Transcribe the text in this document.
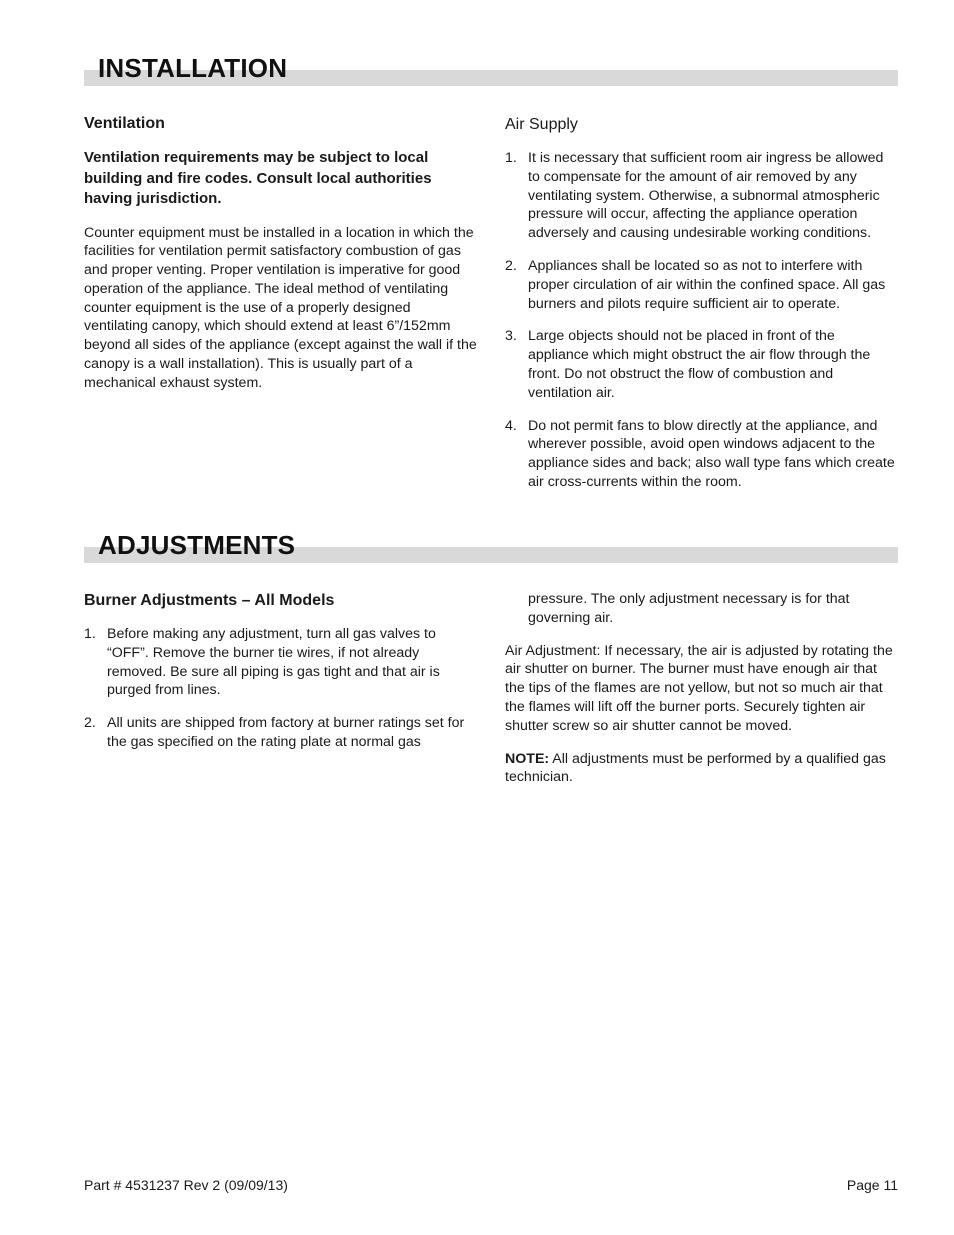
INSTALLATION
Ventilation
Ventilation requirements may be subject to local building and fire codes. Consult local authorities having jurisdiction.

Counter equipment must be installed in a location in which the facilities for ventilation permit satisfactory combustion of gas and proper venting. Proper ventilation is imperative for good operation of the appliance. The ideal method of ventilating counter equipment is the use of a properly designed ventilating canopy, which should extend at least 6”/152mm beyond all sides of the appliance (except against the wall if the canopy is a wall installation). This is usually part of a mechanical exhaust system.

Air Supply
1. It is necessary that sufficient room air ingress be allowed to compensate for the amount of air removed by any ventilating system. Otherwise, a subnormal atmospheric pressure will occur, affecting the appliance operation adversely and causing undesirable working conditions.
2. Appliances shall be located so as not to interfere with proper circulation of air within the confined space. All gas burners and pilots require sufficient air to operate.
3. Large objects should not be placed in front of the appliance which might obstruct the air flow through the front. Do not obstruct the flow of combustion and ventilation air.
4. Do not permit fans to blow directly at the appliance, and wherever possible, avoid open windows adjacent to the appliance sides and back; also wall type fans which create air cross-currents within the room.
ADJUSTMENTS
Burner Adjustments – All Models
1. Before making any adjustment, turn all gas valves to “OFF”. Remove the burner tie wires, if not already removed. Be sure all piping is gas tight and that air is purged from lines.
2. All units are shipped from factory at burner ratings set for the gas specified on the rating plate at normal gas
pressure. The only adjustment necessary is for that governing air.

Air Adjustment: If necessary, the air is adjusted by rotating the air shutter on burner. The burner must have enough air that the tips of the flames are not yellow, but not so much air that the flames will lift off the burner ports. Securely tighten air shutter screw so air shutter cannot be moved.

NOTE: All adjustments must be performed by a qualified gas technician.

Part # 4531237 Rev 2 (09/09/13)	Page 11
